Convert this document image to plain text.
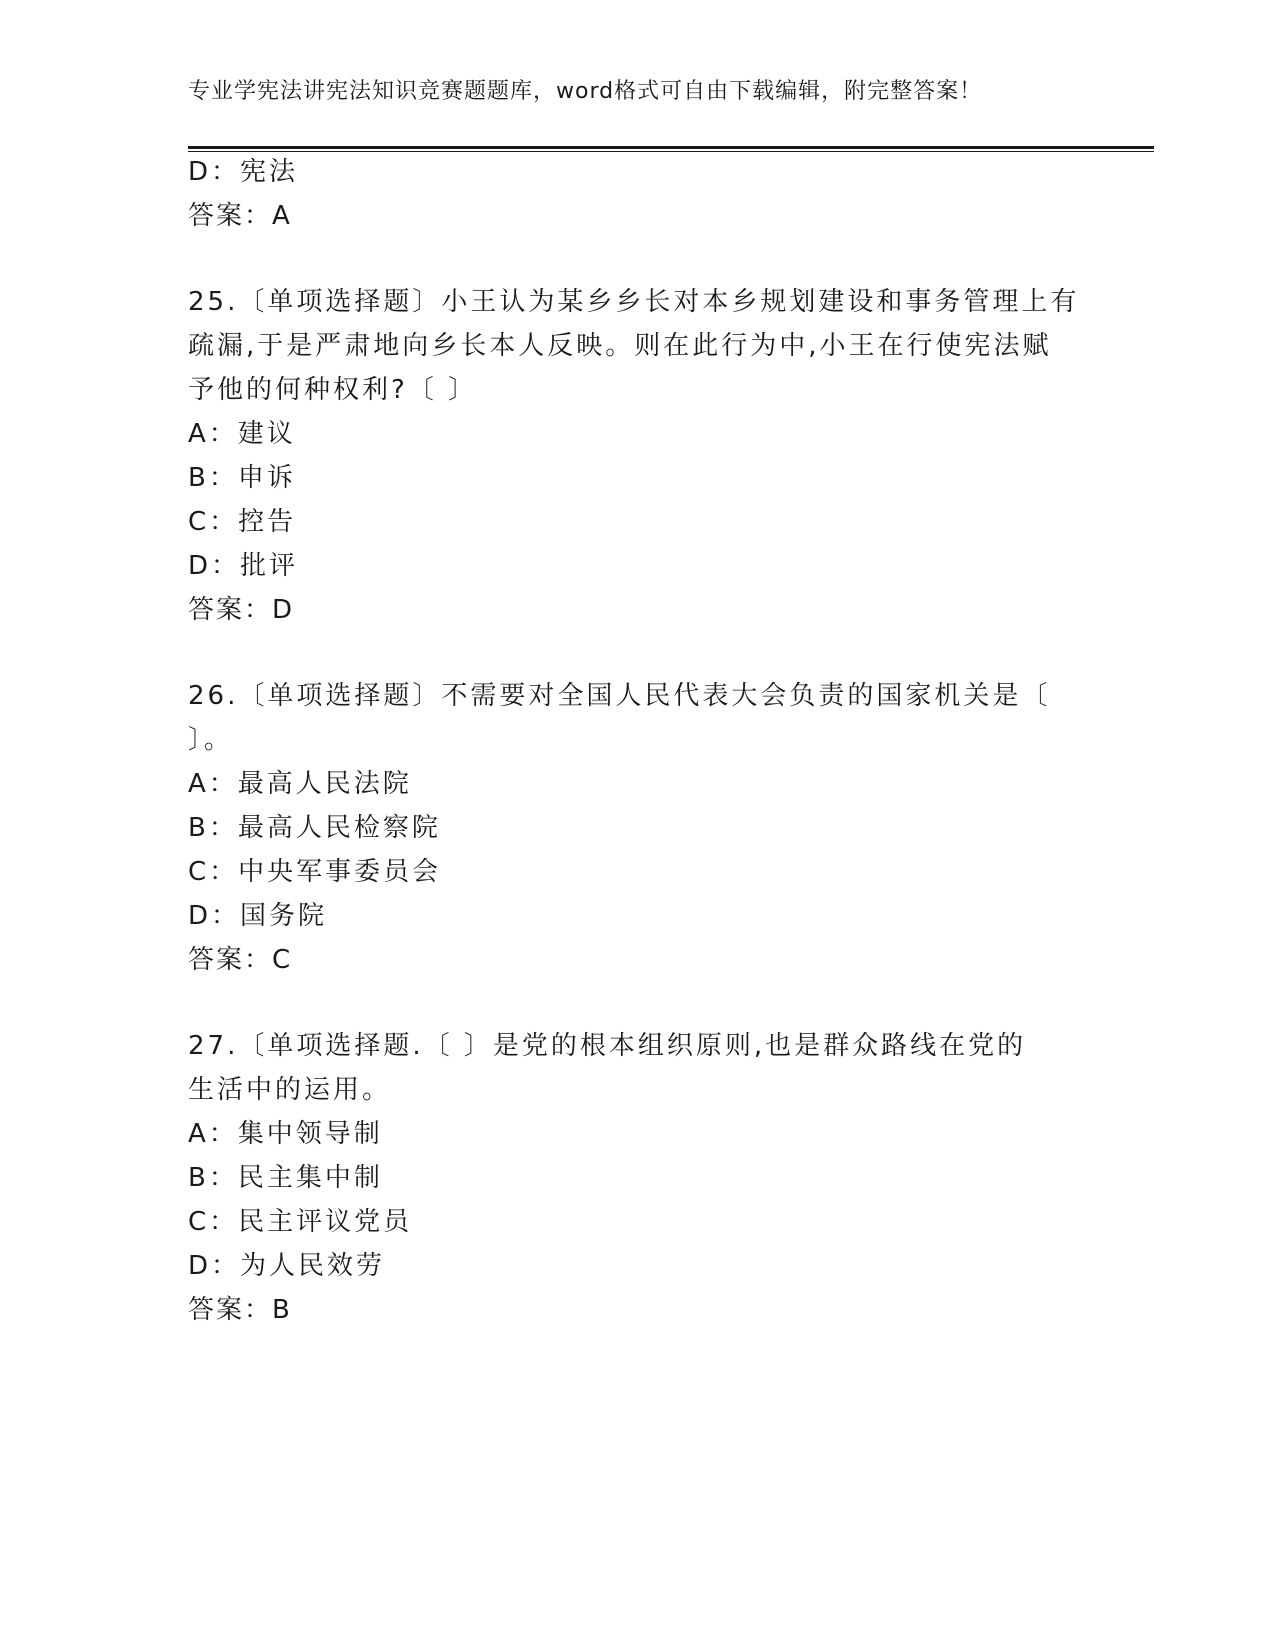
专业学宪法讲宪法知识竞赛题题库，word格式可自由下载编辑，附完整答案！
D：宪法
答案：A
25.〔单项选择题〕小王认为某乡乡长对本乡规划建设和事务管理上有
疏漏,于是严肃地向乡长本人反映。则在此行为中,小王在行使宪法赋
予他的何种权利?〔 〕
A：建议
B：申诉
C：控告
D：批评
答案：D
26.〔单项选择题〕不需要对全国人民代表大会负责的国家机关是〔
〕。
A：最高人民法院
B：最高人民检察院
C：中央军事委员会
D：国务院
答案：C
27.〔单项选择题.〔 〕是党的根本组织原则,也是群众路线在党的
生活中的运用。
A：集中领导制
B：民主集中制
C：民主评议党员
D：为人民效劳
答案：B
